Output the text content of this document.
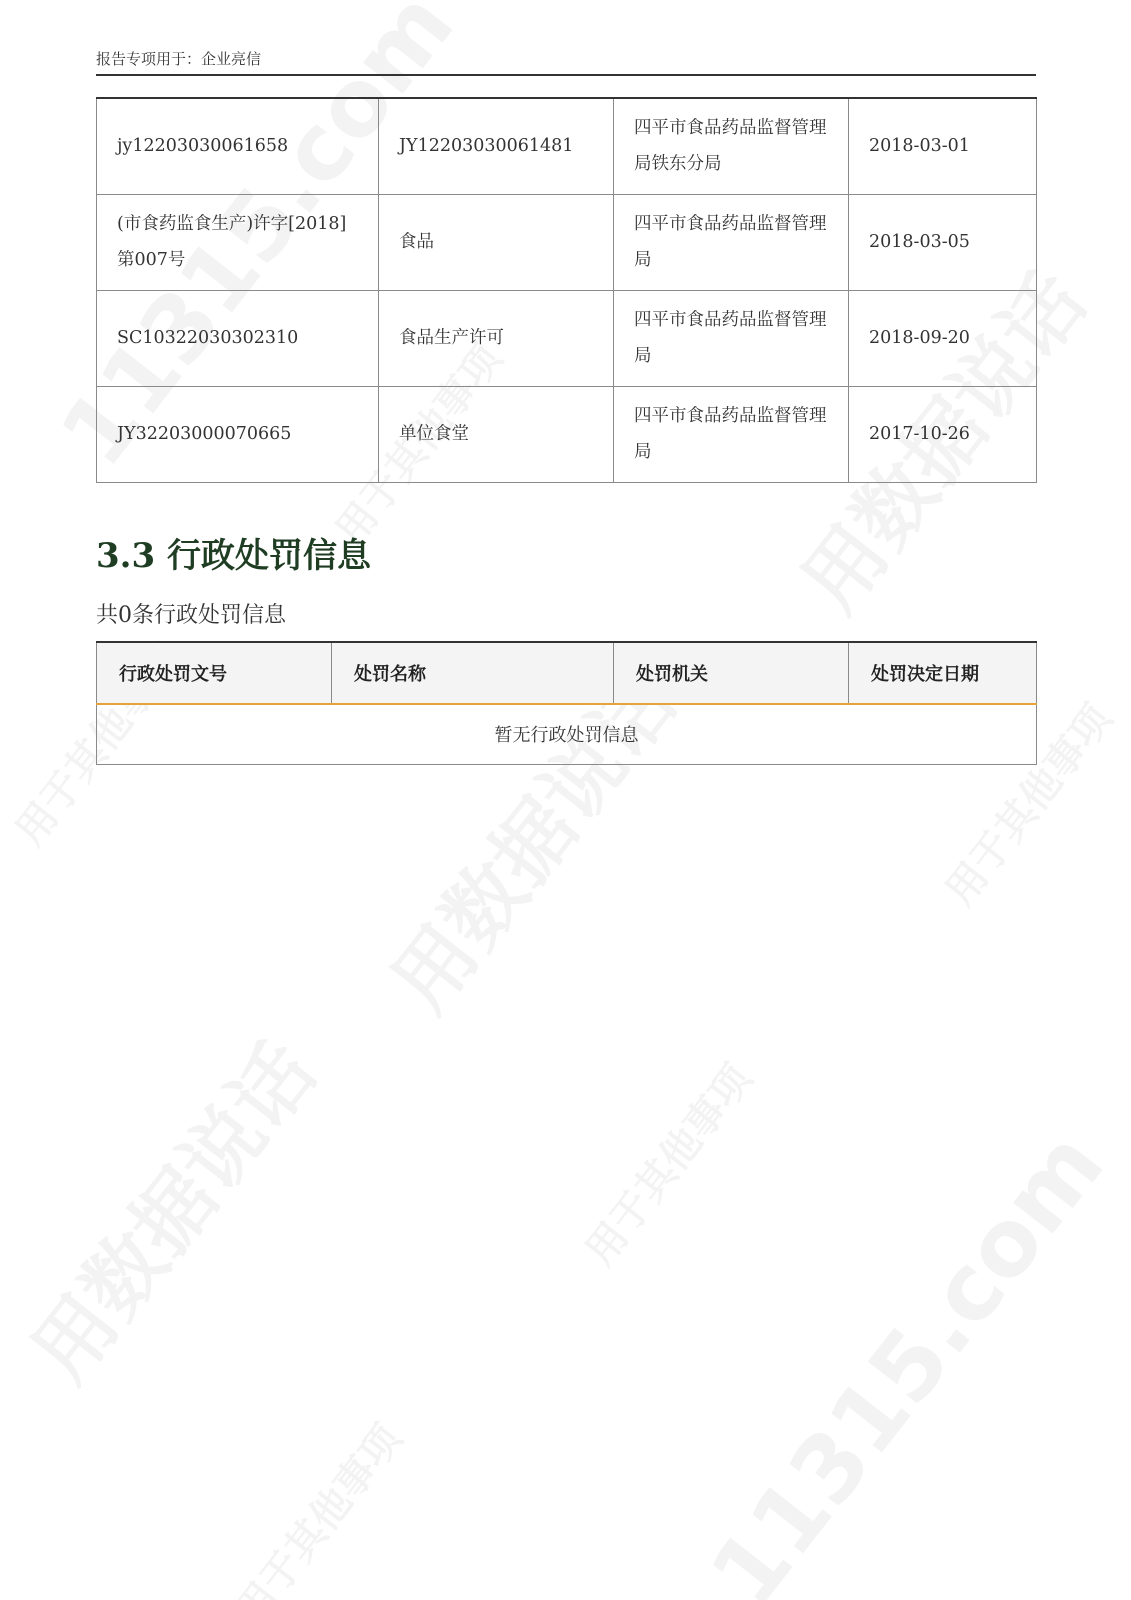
报告专项用于：企业亮信
jy12203030061658	JY12203030061481	四平市食品药品监督管理局铁东分局	2018-03-01
(市食药监食生产)许字[2018]第007号	食品	四平市食品药品监督管理局	2018-03-05
SC10322030302310	食品生产许可	四平市食品药品监督管理局	2018-09-20
JY32203000070665	单位食堂	四平市食品药品监督管理局	2017-10-26
3.3 行政处罚信息
共0条行政处罚信息
行政处罚文号	处罚名称	处罚机关	处罚决定日期
暂无行政处罚信息
